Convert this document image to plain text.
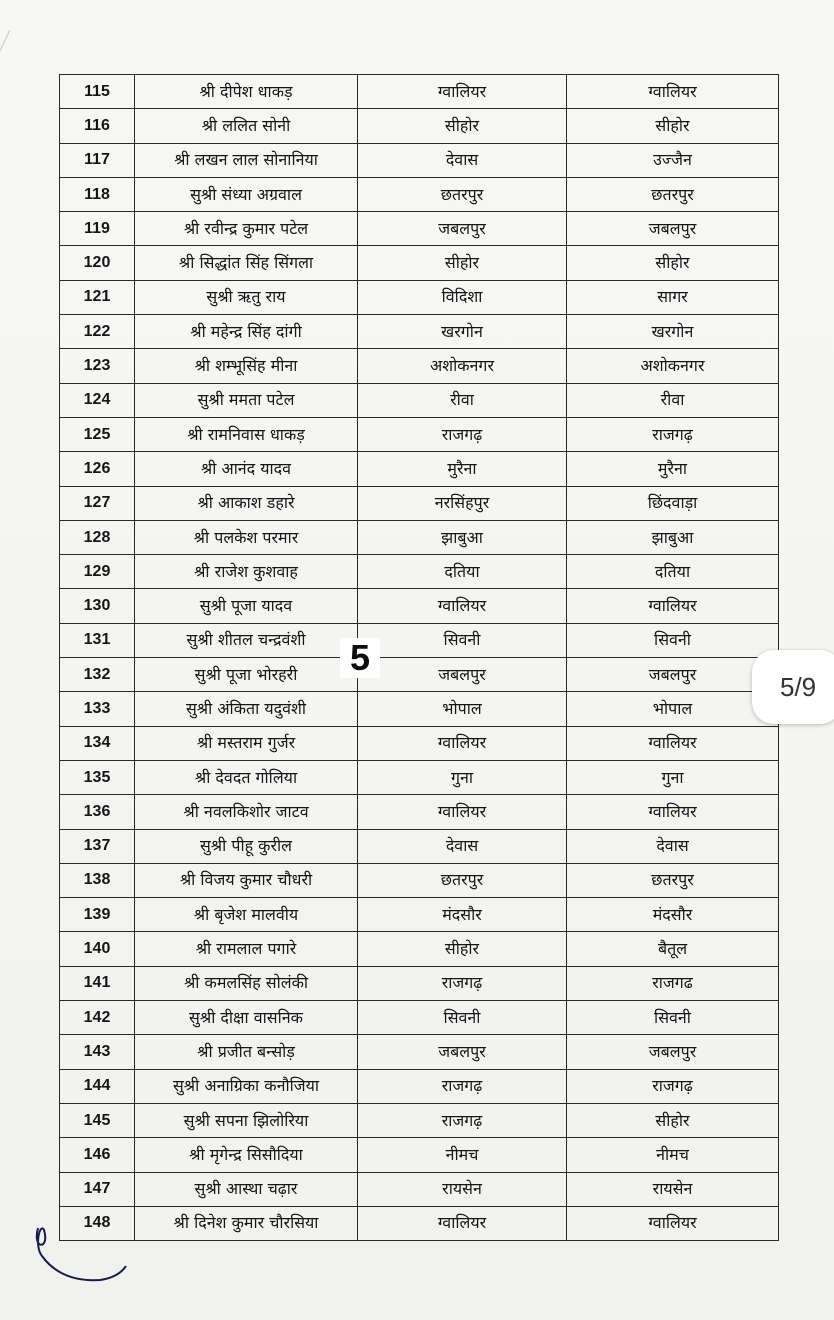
115	श्री दीपेश धाकड़	ग्वालियर	ग्वालियर
116	श्री ललित सोनी	सीहोर	सीहोर
117	श्री लखन लाल सोनानिया	देवास	उज्जैन
118	सुश्री संध्या अग्रवाल	छतरपुर	छतरपुर
119	श्री रवीन्द्र कुमार पटेल	जबलपुर	जबलपुर
120	श्री सिद्धांत सिंह सिंगला	सीहोर	सीहोर
121	सुश्री ऋतु राय	विदिशा	सागर
122	श्री महेन्द्र सिंह दांगी	खरगोन	खरगोन
123	श्री शम्भूसिंह मीना	अशोकनगर	अशोकनगर
124	सुश्री ममता पटेल	रीवा	रीवा
125	श्री रामनिवास धाकड़	राजगढ़	राजगढ़
126	श्री आनंद यादव	मुरैना	मुरैना
127	श्री आकाश डहारे	नरसिंहपुर	छिंदवाड़ा
128	श्री पलकेश परमार	झाबुआ	झाबुआ
129	श्री राजेश कुशवाह	दतिया	दतिया
130	सुश्री पूजा यादव	ग्वालियर	ग्वालियर
131	सुश्री शीतल चन्द्रवंशी	सिवनी	सिवनी
132	सुश्री पूजा भोरहरी	जबलपुर	जबलपुर
133	सुश्री अंकिता यदुवंशी	भोपाल	भोपाल
134	श्री मस्तराम गुर्जर	ग्वालियर	ग्वालियर
135	श्री देवदत गोलिया	गुना	गुना
136	श्री नवलकिशोर जाटव	ग्वालियर	ग्वालियर
137	सुश्री पीहू कुरील	देवास	देवास
138	श्री विजय कुमार चौधरी	छतरपुर	छतरपुर
139	श्री बृजेश मालवीय	मंदसौर	मंदसौर
140	श्री रामलाल पगारे	सीहोर	बैतूल
141	श्री कमलसिंह सोलंकी	राजगढ़	राजगढ
142	सुश्री दीक्षा वासनिक	सिवनी	सिवनी
143	श्री प्रजीत बन्सोड़	जबलपुर	जबलपुर
144	सुश्री अनाग्रिका कनौजिया	राजगढ़	राजगढ़
145	सुश्री सपना झिलोरिया	राजगढ़	सीहोर
146	श्री मृगेन्द्र सिसौदिया	नीमच	नीमच
147	सुश्री आस्था चढ़ार	रायसेन	रायसेन
148	श्री दिनेश कुमार चौरसिया	ग्वालियर	ग्वालियर
5
5/9
